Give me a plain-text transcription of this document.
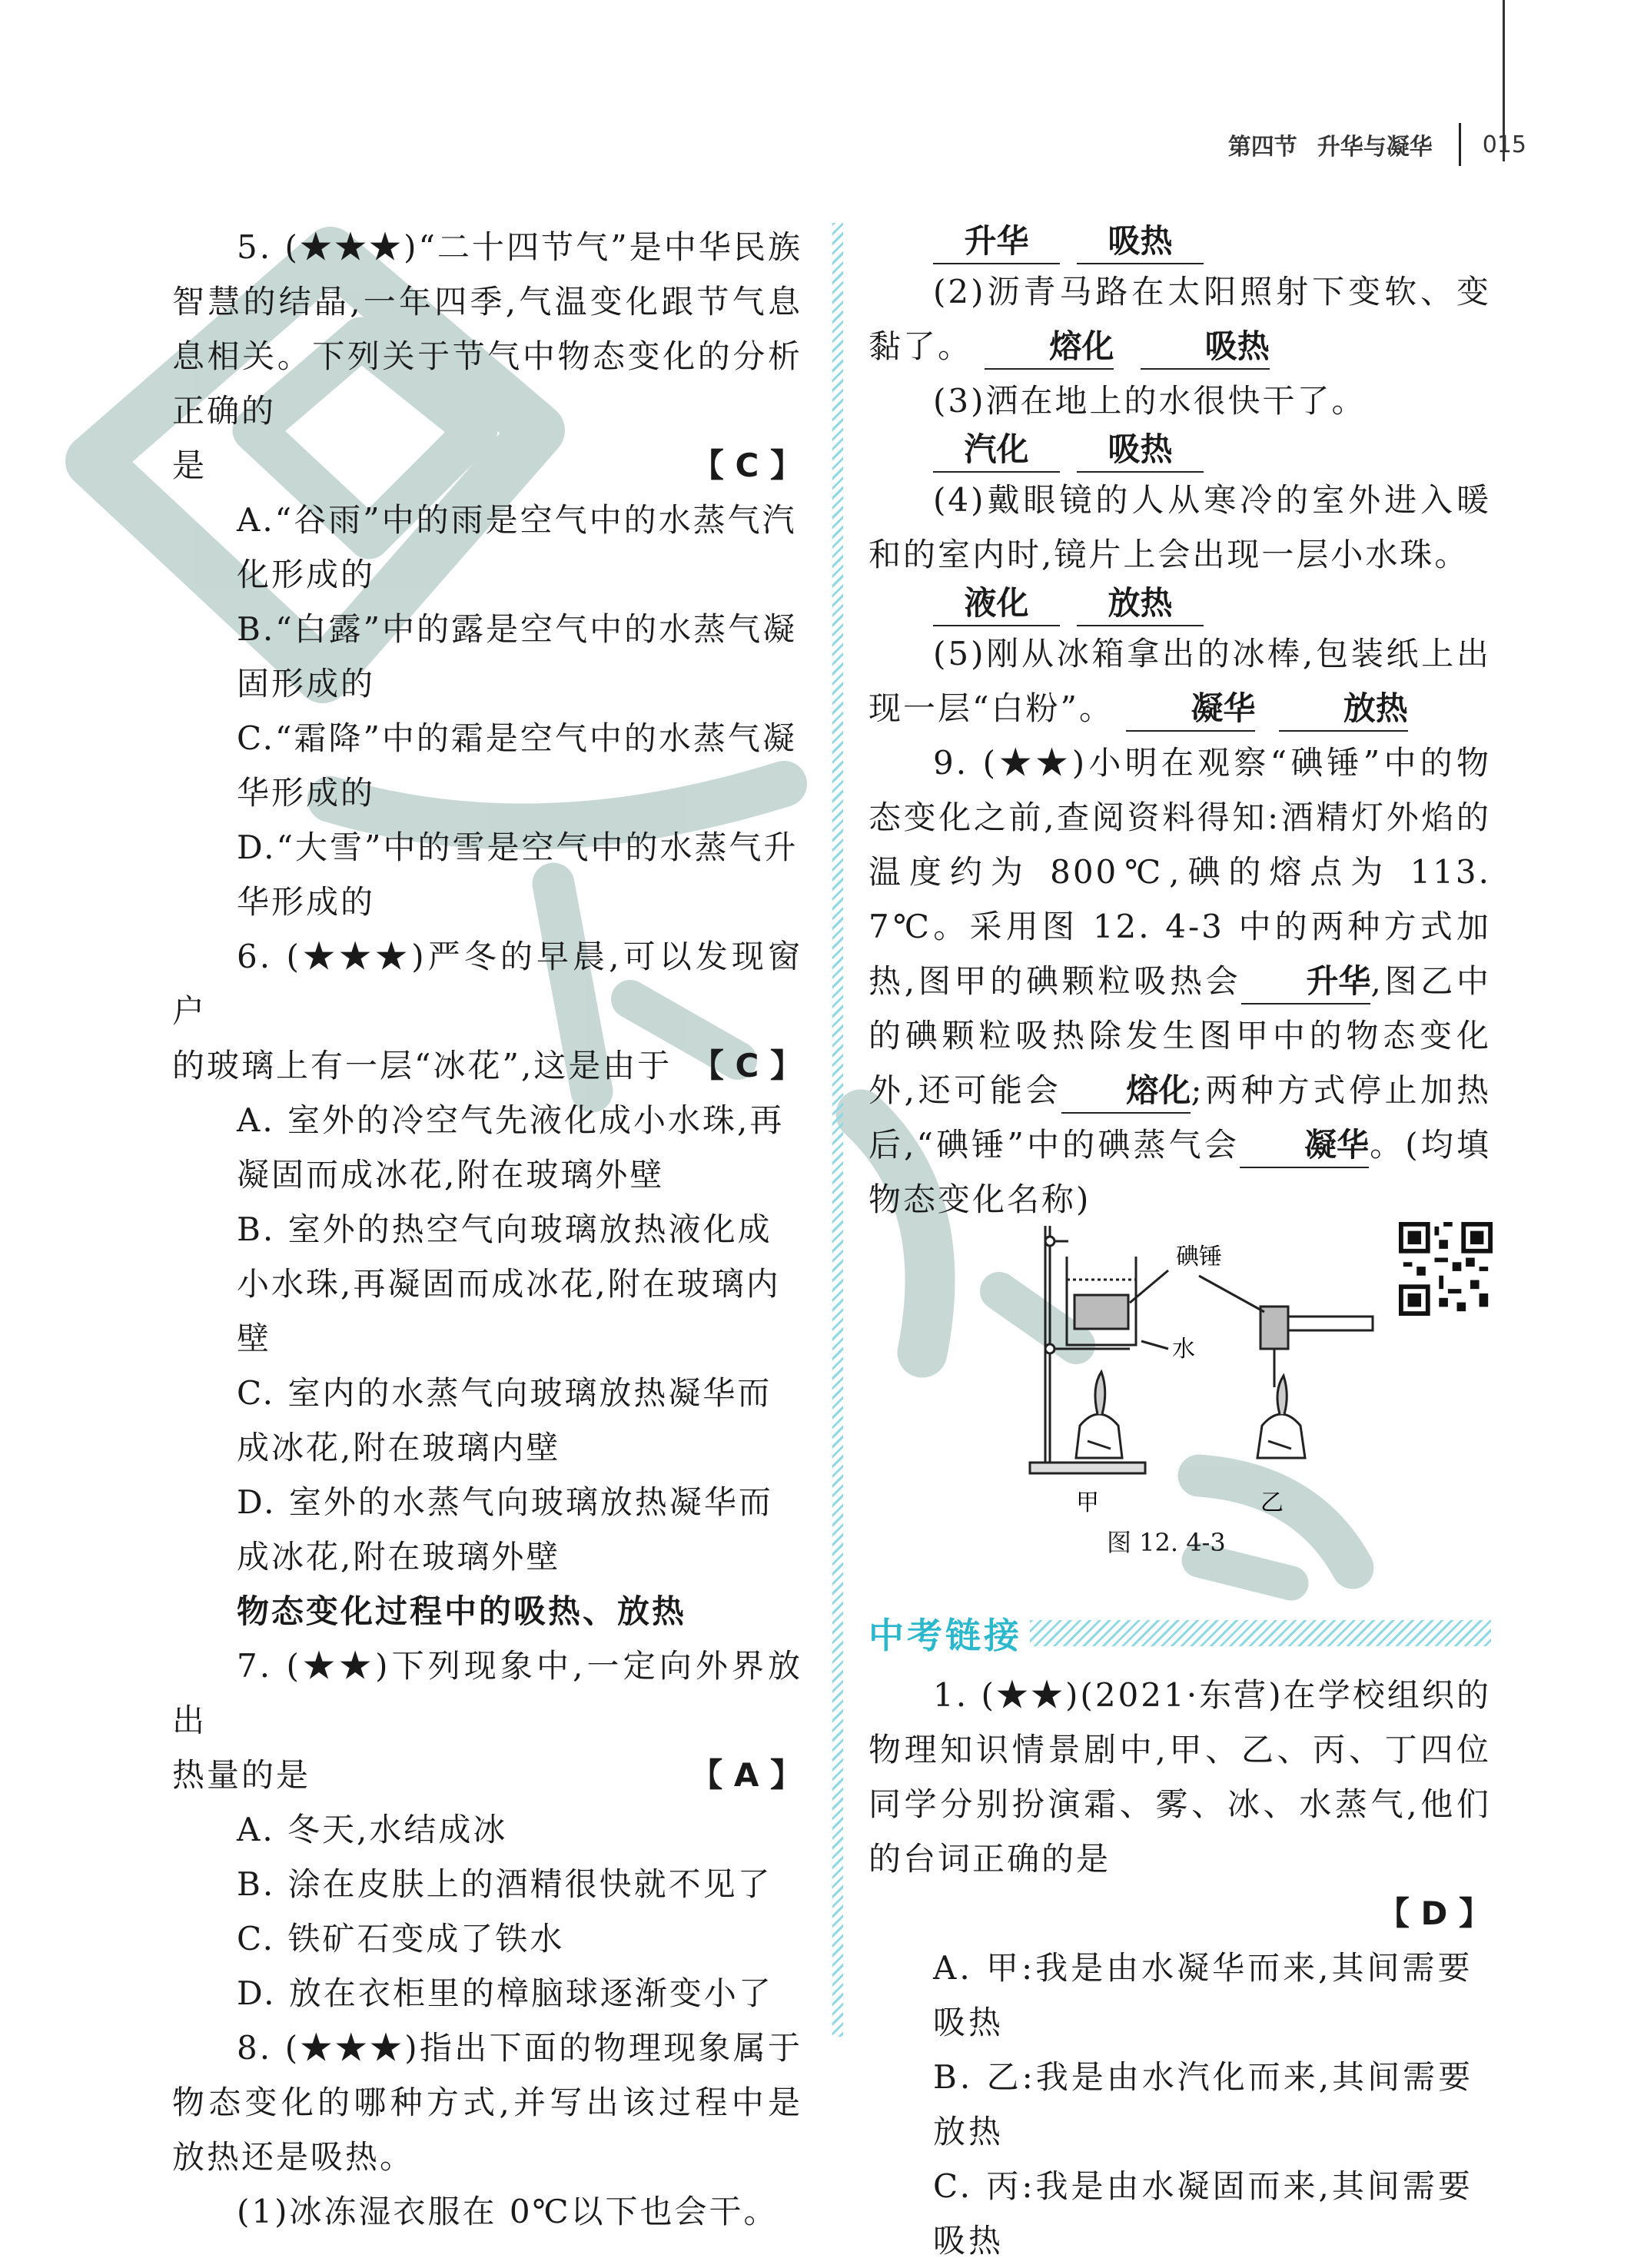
第四节 升华与凝华 015

5. (★★★)“二十四节气”是中华民族智慧的结晶,一年四季,气温变化跟节气息息相关。下列关于节气中物态变化的分析正确的

是	【 C 】

A.“谷雨”中的雨是空气中的水蒸气汽化形成的

B.“白露”中的露是空气中的水蒸气凝固形成的

C.“霜降”中的霜是空气中的水蒸气凝华形成的

D.“大雪”中的雪是空气中的水蒸气升华形成的

6. (★★★)严冬的早晨,可以发现窗户

的玻璃上有一层“冰花”,这是由于 【 C 】

A. 室外的冷空气先液化成小水珠,再凝固而成冰花,附在玻璃外壁

B. 室外的热空气向玻璃放热液化成小水珠,再凝固而成冰花,附在玻璃内壁

C. 室内的水蒸气向玻璃放热凝华而成冰花,附在玻璃内壁

D. 室外的水蒸气向玻璃放热凝华而成冰花,附在玻璃外壁

物态变化过程中的吸热、放热

7. (★★)下列现象中,一定向外界放出

热量的是	【 A 】

A. 冬天,水结成冰

B. 涂在皮肤上的酒精很快就不见了

C. 铁矿石变成了铁水

D. 放在衣柜里的樟脑球逐渐变小了

8. (★★★)指出下面的物理现象属于物态变化的哪种方式,并写出该过程中是放热还是吸热。

(1)冰冻湿衣服在 0℃以下也会干。

升华	吸热

(2)沥青马路在太阳照射下变软、变黏了。 熔化	吸热

(3)洒在地上的水很快干了。

汽化	吸热

(4)戴眼镜的人从寒冷的室外进入暖和的室内时,镜片上会出现一层小水珠。

液化	放热

(5)刚从冰箱拿出的冰棒,包装纸上出现一层“白粉”。 凝华	放热

9. (★★)小明在观察“碘锤”中的物态变化之前,查阅资料得知:酒精灯外焰的温度约为 800℃,碘的熔点为 113. 7℃。采用图 12. 4-3 中的两种方式加热,图甲的碘颗粒吸热会 升华,图乙中的碘颗粒吸热除发生图甲中的物态变化外,还可能会 熔化;两种方式停止加热后,“碘锤”中的碘蒸气会 凝华。(均填物态变化名称)

碘锤
水
甲	乙
图 12. 4-3
中考链接

1. (★★)(2021·东营)在学校组织的物理知识情景剧中,甲、乙、丙、丁四位同学分别扮演霜、雾、冰、水蒸气,他们的台词正确的是

【 D 】

A. 甲:我是由水凝华而来,其间需要吸热

B. 乙:我是由水汽化而来,其间需要放热

C. 丙:我是由水凝固而来,其间需要吸热
